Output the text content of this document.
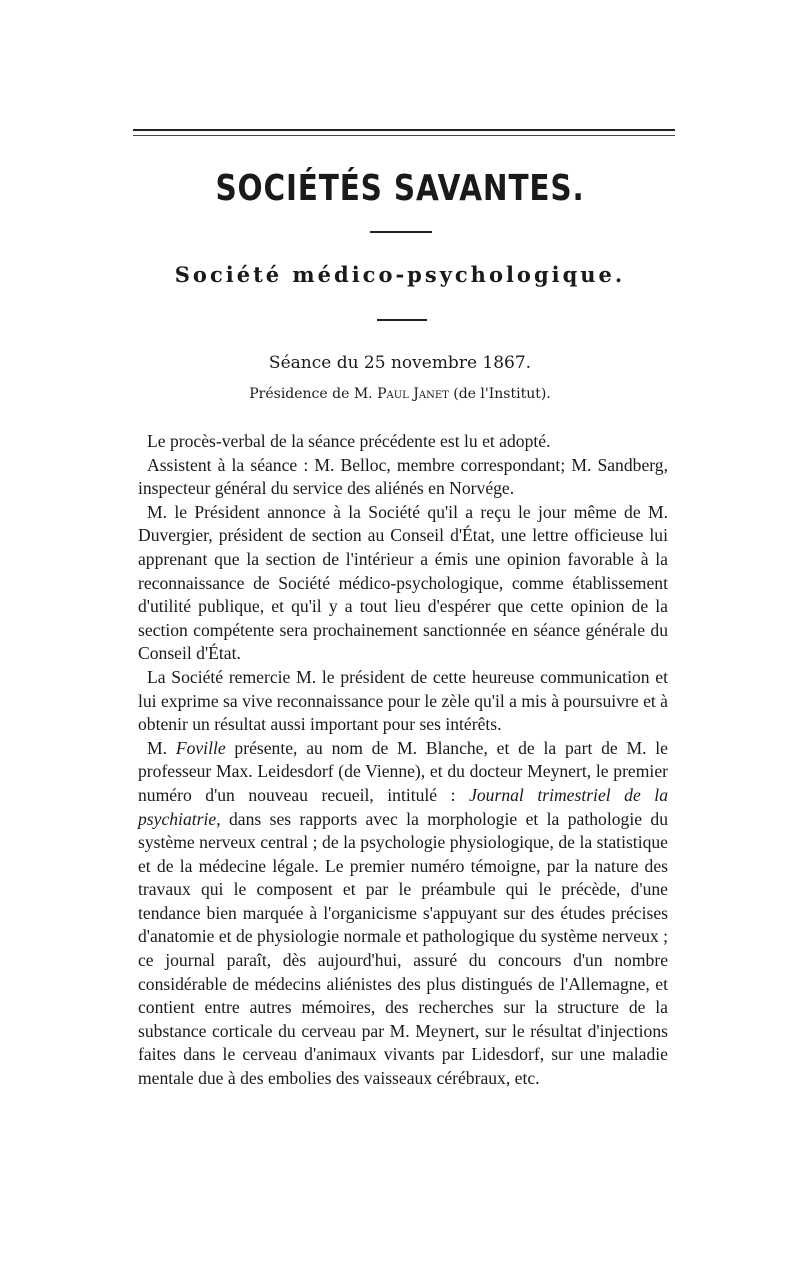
SOCIÉTÉS SAVANTES.
Société médico-psychologique.
Séance du 25 novembre 1867.
Présidence de M. Paul Janet (de l'Institut).

Le procès-verbal de la séance précédente est lu et adopté.

Assistent à la séance : M. Belloc, membre correspondant; M. Sandberg, inspecteur général du service des aliénés en Norvége.

M. le Président annonce à la Société qu'il a reçu le jour même de M. Duvergier, président de section au Conseil d'État, une lettre officieuse lui apprenant que la section de l'intérieur a émis une opinion favorable à la reconnaissance de Société médico-psychologique, comme établissement d'utilité publique, et qu'il y a tout lieu d'espérer que cette opinion de la section compétente sera prochainement sanctionnée en séance générale du Conseil d'État.

La Société remercie M. le président de cette heureuse communication et lui exprime sa vive reconnaissance pour le zèle qu'il a mis à poursuivre et à obtenir un résultat aussi important pour ses intérêts.

M. Foville présente, au nom de M. Blanche, et de la part de M. le professeur Max. Leidesdorf (de Vienne), et du docteur Meynert, le premier numéro d'un nouveau recueil, intitulé : Journal trimestriel de la psychiatrie, dans ses rapports avec la morphologie et la pathologie du système nerveux central ; de la psychologie physiologique, de la statistique et de la médecine légale. Le premier numéro témoigne, par la nature des travaux qui le composent et par le préambule qui le précède, d'une tendance bien marquée à l'organicisme s'appuyant sur des études précises d'anatomie et de physiologie normale et pathologique du système nerveux ; ce journal paraît, dès aujourd'hui, assuré du concours d'un nombre considérable de médecins aliénistes des plus distingués de l'Allemagne, et contient entre autres mémoires, des recherches sur la structure de la substance corticale du cerveau par M. Meynert, sur le résultat d'injections faites dans le cerveau d'animaux vivants par Lidesdorf, sur une maladie mentale due à des embolies des vaisseaux cérébraux, etc.
